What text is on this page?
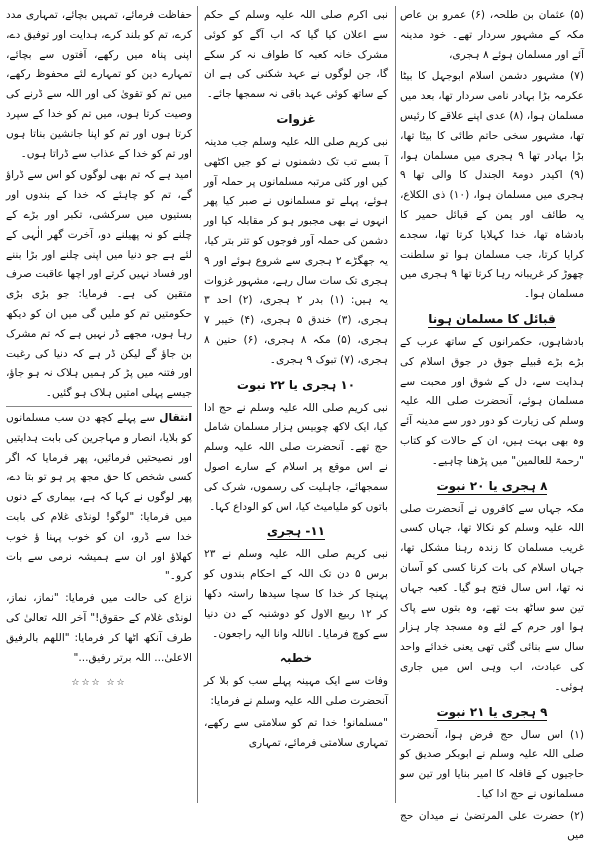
(۵) عثمان بن طلحہ، (۶) عمرو بن عاص مکہ کے مشہور سردار تھے۔ خود مدینہ آئے اور مسلمان ہوئے ۸ ہجری،

(۷) مشہور دشمن اسلام ابوجہل کا بیٹا عکرمہ بڑا بہادر نامی سردار تھا، بعد میں مسلمان ہوا، (۸) عدی اپنے علاقے کا رئیس تھا، مشہور سخی حاتم طائی کا بیٹا تھا، بڑا بہادر تھا ۹ ہجری میں مسلمان ہوا، (۹) اکیدر دومۃ الجندل کا والی تھا ۹ ہجری میں مسلمان ہوا، (۱۰) ذی الکلاع، یہ طائف اور یمن کے قبائل حمیر کا بادشاہ تھا، خدا کہلایا کرتا تھا، سجدے کرایا کرتا، جب مسلمان ہوا تو سلطنت چھوڑ کر غریبانہ رہا کرتا تھا ۹ ہجری میں مسلمان ہوا۔

قبائل کا مسلمان ہونا

بادشاہوں، حکمرانوں کے ساتھ عرب کے بڑے بڑے قبیلے جوق در جوق اسلام کی ہدایت سے، دل کے شوق اور محبت سے مسلمان ہوئے، آنحضرت صلی اللہ علیہ وسلم کی زیارت کو دور دور سے مدینہ آئے وہ بھی بہت ہیں، ان کے حالات کو کتاب "رحمۃ للعالمین" میں پڑھنا چاہیے۔

۸ ہجری یا ۲۰ نبوت

مکہ جہاں سے کافروں نے آنحضرت صلی اللہ علیہ وسلم کو نکالا تھا، جہاں کسی غریب مسلمان کا زندہ رہنا مشکل تھا، جہاں اسلام کی بات کرنا کسی کو آسان نہ تھا، اس سال فتح ہو گیا۔ کعبہ جہاں تین سو ساٹھ بت تھے، وہ بتوں سے پاک ہوا اور حرم کے لئے وہ مسجد چار ہزار سال سے بنائی گئی تھی یعنی خدائے واحد کی عبادت، اب وہی اس میں جاری ہوئی۔

۹ ہجری یا ۲۱ نبوت

(۱) اس سال حج فرض ہوا، آنحضرت صلی اللہ علیہ وسلم نے ابوبکر صدیق کو حاجیوں کے قافلہ کا امیر بنایا اور تین سو مسلمانوں نے حج ادا کیا۔

(۲) حضرت علی المرتضیٰ نے میدان حج میں

نبی اکرم صلی اللہ علیہ وسلم کے حکم سے اعلان کیا گیا کہ اب آگے کو کوئی مشرک خانہ کعبہ کا طواف نہ کر سکے گا، جن لوگوں نے عہد شکنی کی ہے ان کے ساتھ کوئی عہد باقی نہ سمجھا جائے۔

غزوات

نبی کریم صلی اللہ علیہ وسلم جب مدینہ آ بسے تب تک دشمنوں نے کو جیں اکٹھی کیں اور کئی مرتبہ مسلمانوں پر حملہ آور ہوئے، پہلے تو مسلمانوں نے صبر کیا پھر انہوں نے بھی مجبور ہو کر مقابلہ کیا اور دشمن کی حملہ آور فوجوں کو تتر بتر کیا، یہ جھگڑے ۲ ہجری سے شروع ہوئے اور ۹ ہجری تک سات سال رہے، مشہور غزوات یہ ہیں: (۱) بدر ۲ ہجری، (۲) احد ۳ ہجری، (۳) خندق ۵ ہجری، (۴) خیبر ۷ ہجری، (۵) مکہ ۸ ہجری، (۶) حنین ۸ ہجری، (۷) تبوک ۹ ہجری۔

۱۰ ہجری یا ۲۲ نبوت

نبی کریم صلی اللہ علیہ وسلم نے حج ادا کیا، ایک لاکھ چوبیس ہزار مسلمان شامل حج تھے۔ آنحضرت صلی اللہ علیہ وسلم نے اس موقع پر اسلام کے سارے اصول سمجھائے، جاہلیت کی رسموں، شرک کی باتوں کو ملیامیٹ کیا، اس کو الوداع کہا۔

۱۱- ہجری

نبی کریم صلی اللہ علیہ وسلم نے ۲۳ برس ۵ دن تک اللہ کے احکام بندوں کو پہنچا کر خدا کا سچا سیدھا راستہ دکھا کر ۱۲ ربیع الاول کو دوشنبہ کے دن دنیا سے کوچ فرمایا۔ اناللہ وانا الیہ راجعون۔

خطبہ

وفات سے ایک مہینہ پہلے سب کو بلا کر آنحضرت صلی اللہ علیہ وسلم نے فرمایا:

"مسلمانو! خدا تم کو سلامتی سے رکھے، تمہاری سلامتی فرمائے، تمہاری

حفاظت فرمائے، تمہیں بچائے، تمہاری مدد کرے، تم کو بلند کرے، ہدایت اور توفیق دے، اپنی پناہ میں رکھے، آفتوں سے بچائے، تمہارے دین کو تمہارے لئے محفوظ رکھے، میں تم کو تقویٰ کی اور اللہ سے ڈرنے کی وصیت کرتا ہوں، میں تم کو خدا کے سپرد کرتا ہوں اور تم کو اپنا جانشین بناتا ہوں اور تم کو خدا کے عذاب سے ڈراتا ہوں۔

امید ہے کہ تم بھی لوگوں کو اس سے ڈراؤ گے، تم کو چاہئے کہ خدا کے بندوں اور بستیوں میں سرکشی، تکبر اور بڑے کے چلنے کو نہ پھیلنے دو، آخرت گھر الٰہی کے لئے ہے جو دنیا میں اپنی چلنے اور بڑا بننے اور فساد نہیں کرتے اور اچھا عاقبت صرف متقین کی ہے۔ فرمایا: جو بڑی بڑی حکومتیں تم کو ملیں گی میں ان کو دیکھ رہا ہوں، مجھے ڈر نہیں ہے کہ تم مشرک بن جاؤ گے لیکن ڈر ہے کہ دنیا کی رغبت اور فتنہ میں پڑ کر ہمیں ہلاک نہ ہو جاؤ، جیسے پہلی امتیں ہلاک ہو گئیں۔

انتقال سے پہلے کچھ دن سب مسلمانوں کو بلایا، انصار و مہاجرین کی بابت ہدایتیں اور نصیحتیں فرمائیں، پھر فرمایا کہ اگر کسی شخص کا حق مجھ پر ہو تو بتا دے، پھر لوگوں نے کہا کہ ہے، بیماری کے دنوں میں فرمایا: "لوگو! لونڈی غلام کی بابت خدا سے ڈرو، ان کو خوب پہنا ؤ خوب کھلاؤ اور ان سے ہمیشہ نرمی سے بات کرو۔"

نزاع کی حالت میں فرمایا: "نماز، نماز، لونڈی غلام کے حقوق!" آخر اللہ تعالیٰ کی طرف آنکھ اٹھا کر فرمایا: "اللھم بالرفیق الاعلیٰ... اللہ برتر رفیق..."

☆☆☆ ☆☆
